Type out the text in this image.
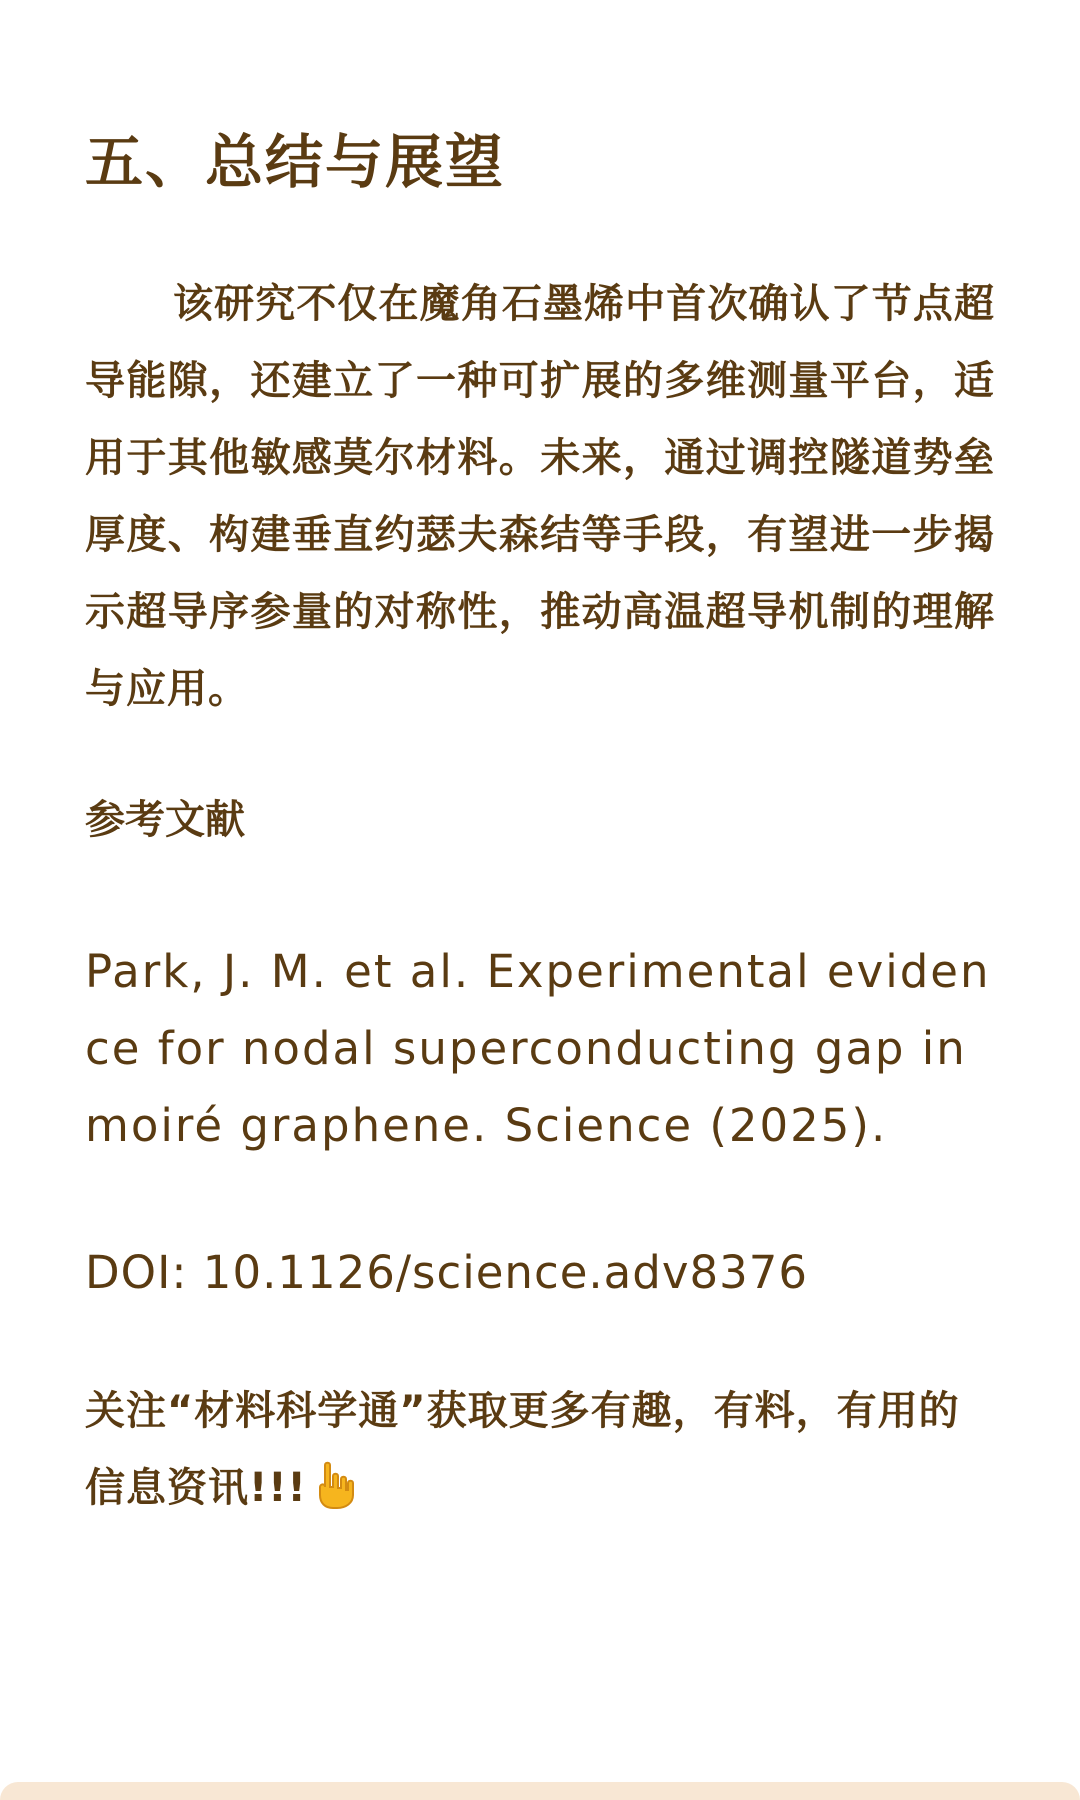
五、总结与展望

该研究不仅在魔角石墨烯中首次确认了节点超导能隙，还建立了一种可扩展的多维测量平台，适用于其他敏感莫尔材料。未来，通过调控隧道势垒厚度、构建垂直约瑟夫森结等手段，有望进一步揭示超导序参量的对称性，推动高温超导机制的理解与应用。

参考文献
Park, J. M. et al. Experimental evidence for nodal superconducting gap in moiré graphene. Science (2025).
DOI: 10.1126/science.adv8376
关注“材料科学通”获取更多有趣，有料，有用的信息资讯!!!
